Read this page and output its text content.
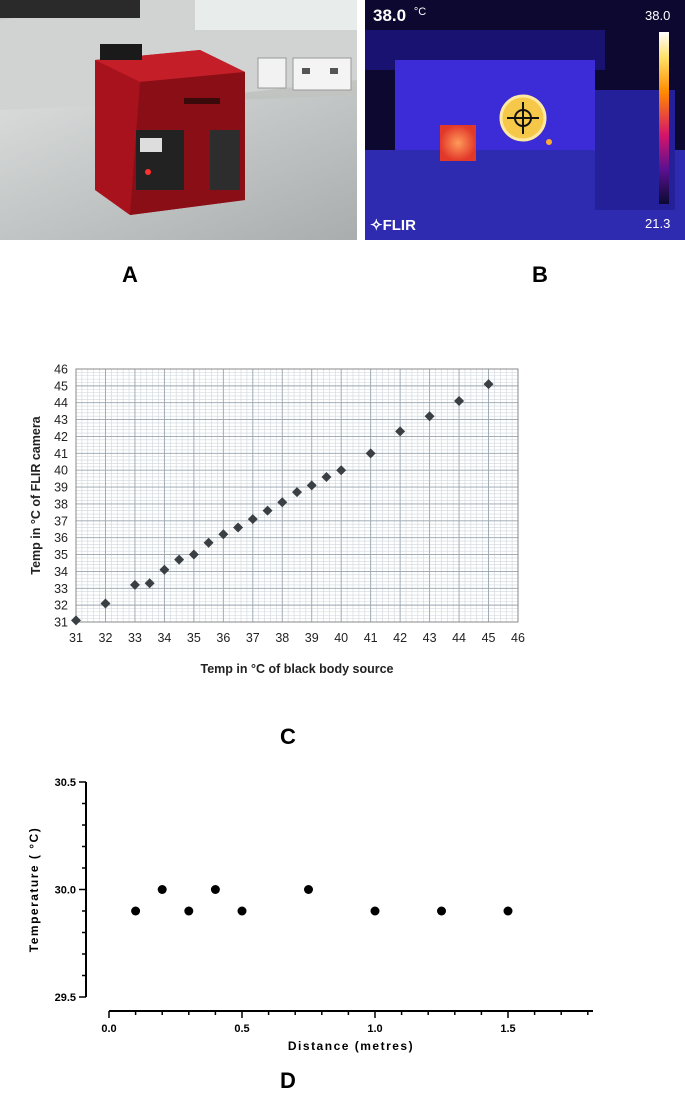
A
38.0 $^{^\circ C}$	38.0
21.3
✧FLIR
B
31 32 33 34 35 36 37 38 39 40 41 42 43 44 45 46
31
32
33
34
35
36
37
38
39
40
41
42
43
44
45
46
Temp in °C of black body source
Temp in °C of FLIR camera
C
29.5
30.0
30.5
0.0	0.5	1.0	1.5
Distance (metres)
Temperature ( °C)
D
